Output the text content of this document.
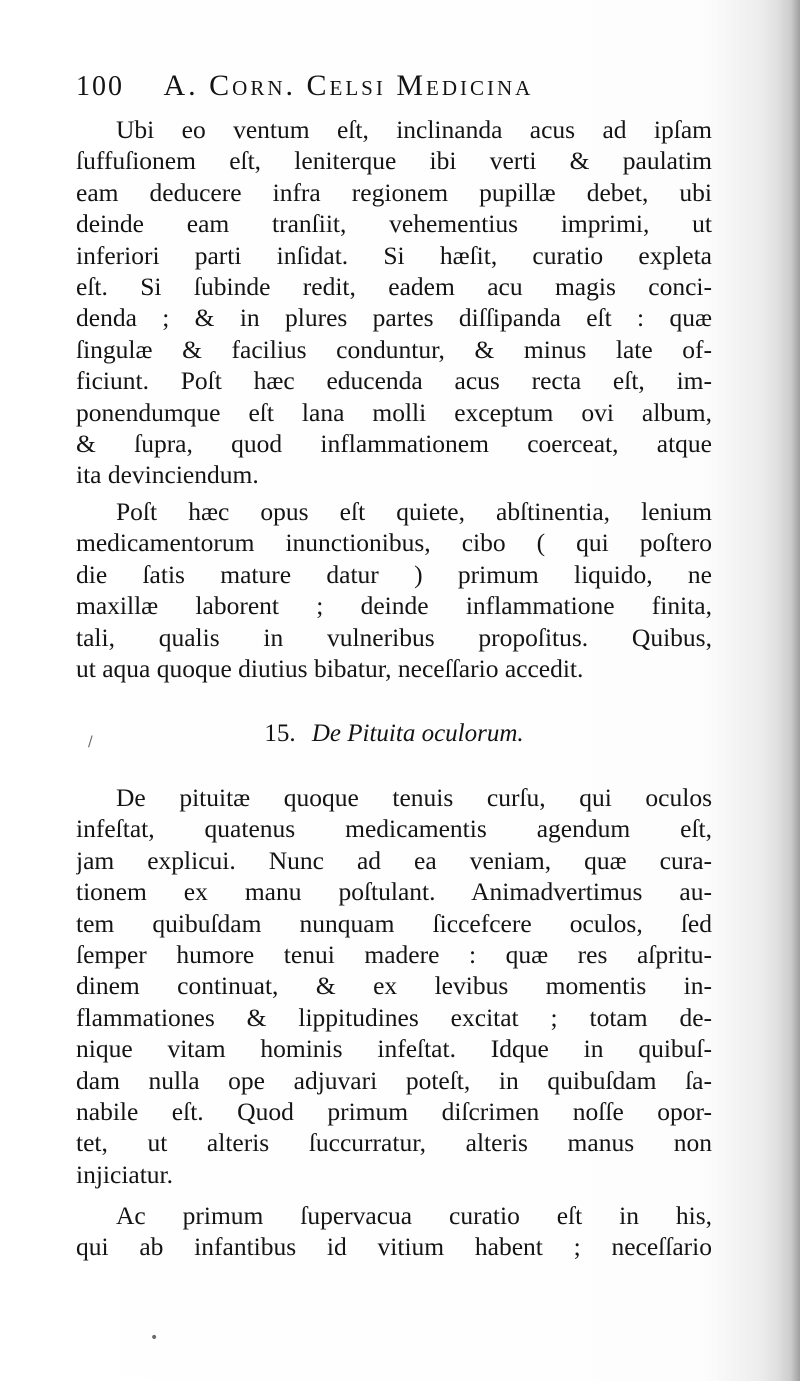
100 A. Corn. Celsi Medicina

Ubi eo ventum eſt, inclinanda acus ad ipſam
ſuffuſionem eſt, leniterque ibi verti & paulatim
eam deducere infra regionem pupillæ debet, ubi
deinde eam tranſiit, vehementius imprimi, ut
inferiori parti inſidat. Si hæſit, curatio expleta
eſt. Si ſubinde redit, eadem acu magis conci-
denda ; & in plures partes diſſipanda eſt : quæ
ſingulæ & facilius conduntur, & minus late of-
ficiunt. Poſt hæc educenda acus recta eſt, im-
ponendumque eſt lana molli exceptum ovi album,
& ſupra, quod inflammationem coerceat, atque
ita devinciendum.

Poſt hæc opus eſt quiete, abſtinentia, lenium
medicamentorum inunctionibus, cibo ( qui poſtero
die ſatis mature datur ) primum liquido, ne
maxillæ laborent ; deinde inflammatione finita,
tali, qualis in vulneribus propoſitus. Quibus,
ut aqua quoque diutius bibatur, neceſſario accedit.

15. De Pituita oculorum.

De pituitæ quoque tenuis curſu, qui oculos
infeſtat, quatenus medicamentis agendum eſt,
jam explicui. Nunc ad ea veniam, quæ cura-
tionem ex manu poſtulant. Animadvertimus au-
tem quibuſdam nunquam ſiccefcere oculos, ſed
ſemper humore tenui madere : quæ res aſpritu-
dinem continuat, & ex levibus momentis in-
flammationes & lippitudines excitat ; totam de-
nique vitam hominis infeſtat. Idque in quibuſ-
dam nulla ope adjuvari poteſt, in quibuſdam ſa-
nabile eſt. Quod primum diſcrimen noſſe opor-
tet, ut alteris ſuccurratur, alteris manus non
injiciatur.

Ac primum ſupervacua curatio eſt in his,
qui ab infantibus id vitium habent ; neceſſario

/
•
